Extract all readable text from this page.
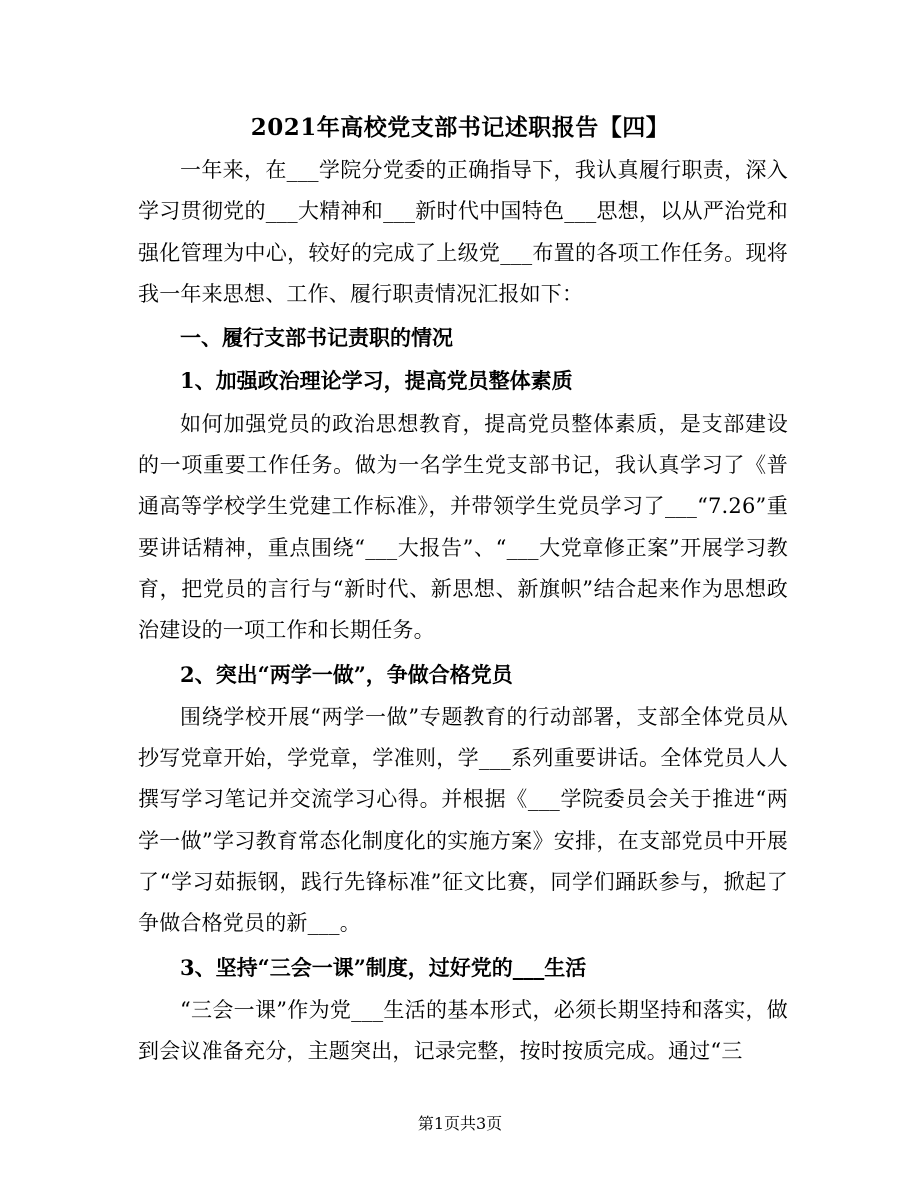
2021年高校党支部书记述职报告【四】

一年来，在___学院分党委的正确指导下，我认真履行职责，深入学习贯彻党的___大精神和___新时代中国特色___思想，以从严治党和强化管理为中心，较好的完成了上级党___布置的各项工作任务。现将我一年来思想、工作、履行职责情况汇报如下：

一、履行支部书记责职的情况

1、加强政治理论学习，提高党员整体素质

如何加强党员的政治思想教育，提高党员整体素质，是支部建设的一项重要工作任务。做为一名学生党支部书记，我认真学习了《普通高等学校学生党建工作标准》，并带领学生党员学习了___“7.26”重要讲话精神，重点围绕“___大报告”、“___大党章修正案”开展学习教育，把党员的言行与“新时代、新思想、新旗帜”结合起来作为思想政治建设的一项工作和长期任务。

2、突出“两学一做”，争做合格党员

围绕学校开展“两学一做”专题教育的行动部署，支部全体党员从抄写党章开始，学党章，学准则，学___系列重要讲话。全体党员人人撰写学习笔记并交流学习心得。并根据《___学院委员会关于推进“两学一做”学习教育常态化制度化的实施方案》安排，在支部党员中开展了“学习茹振钢，践行先锋标准”征文比赛，同学们踊跃参与，掀起了争做合格党员的新___。

3、坚持“三会一课”制度，过好党的___生活

“三会一课”作为党___生活的基本形式，必须长期坚持和落实，做到会议准备充分，主题突出，记录完整，按时按质完成。通过“三

第1页共3页
